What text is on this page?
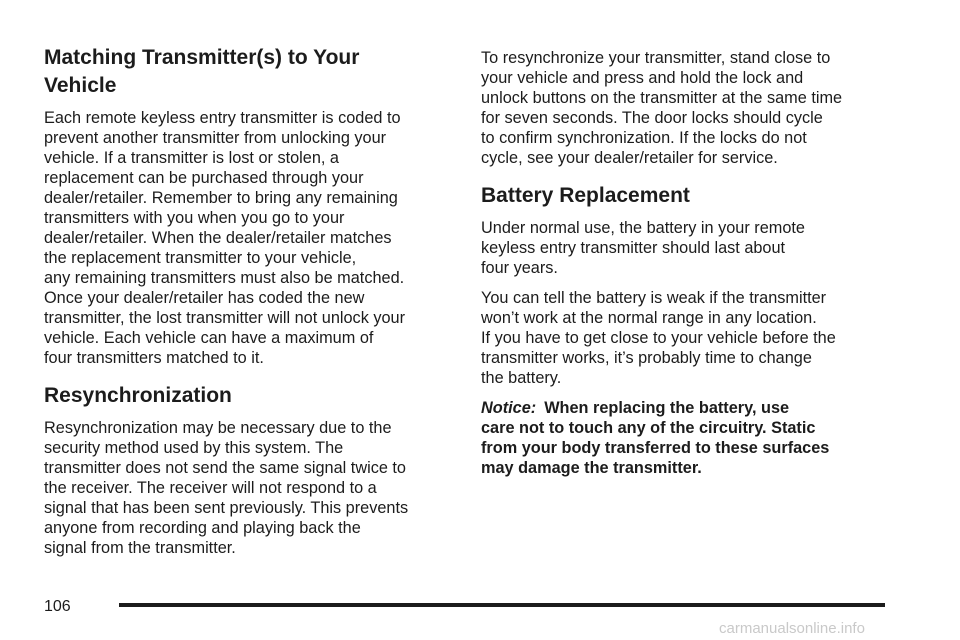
Matching Transmitter(s) to Your
Vehicle

Each remote keyless entry transmitter is coded to
prevent another transmitter from unlocking your
vehicle. If a transmitter is lost or stolen, a
replacement can be purchased through your
dealer/retailer. Remember to bring any remaining
transmitters with you when you go to your
dealer/retailer. When the dealer/retailer matches
the replacement transmitter to your vehicle,
any remaining transmitters must also be matched.
Once your dealer/retailer has coded the new
transmitter, the lost transmitter will not unlock your
vehicle. Each vehicle can have a maximum of
four transmitters matched to it.

Resynchronization

Resynchronization may be necessary due to the
security method used by this system. The
transmitter does not send the same signal twice to
the receiver. The receiver will not respond to a
signal that has been sent previously. This prevents
anyone from recording and playing back the
signal from the transmitter.

To resynchronize your transmitter, stand close to
your vehicle and press and hold the lock and
unlock buttons on the transmitter at the same time
for seven seconds. The door locks should cycle
to confirm synchronization. If the locks do not
cycle, see your dealer/retailer for service.

Battery Replacement

Under normal use, the battery in your remote
keyless entry transmitter should last about
four years.

You can tell the battery is weak if the transmitter
won’t work at the normal range in any location.
If you have to get close to your vehicle before the
transmitter works, it’s probably time to change
the battery.

Notice: When replacing the battery, use
care not to touch any of the circuitry. Static
from your body transferred to these surfaces
may damage the transmitter.

106
carmanualsonline.info
